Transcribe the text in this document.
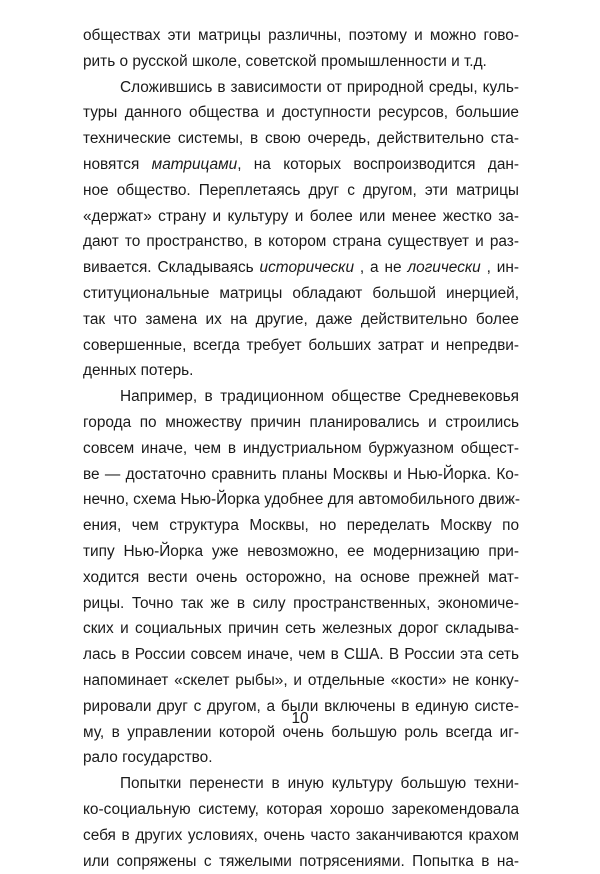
обществах эти матрицы различны, поэтому и можно гово-
рить о русской школе, советской промышленности и т.д.
Сложившись в зависимости от природной среды, куль-
туры данного общества и доступности ресурсов, большие
технические системы, в свою очередь, действительно ста-
новятся матрицами, на которых воспроизводится дан-
ное общество. Переплетаясь друг с другом, эти матрицы
«держат» страну и культуру и более или менее жестко за-
дают то пространство, в котором страна существует и раз-
вивается. Складываясь исторически , а не логически , ин-
ституциональные матрицы обладают большой инерцией,
так что замена их на другие, даже действительно более
совершенные, всегда требует больших затрат и непредви-
денных потерь.
Например, в традиционном обществе Средневековья
города по множеству причин планировались и строились
совсем иначе, чем в индустриальном буржуазном общест-
ве — достаточно сравнить планы Москвы и Нью-Йорка. Ко-
нечно, схема Нью-Йорка удобнее для автомобильного движ-
ения, чем структура Москвы, но переделать Москву по
типу Нью-Йорка уже невозможно, ее модернизацию при-
ходится вести очень осторожно, на основе прежней мат-
рицы. Точно так же в силу пространственных, экономиче-
ских и социальных причин сеть железных дорог складыва-
лась в России совсем иначе, чем в США. В России эта сеть
напоминает «скелет рыбы», и отдельные «кости» не конку-
рировали друг с другом, а были включены в единую систе-
му, в управлении которой очень большую роль всегда иг-
рало государство.
Попытки перенести в иную культуру большую техни-
ко-социальную систему, которая хорошо зарекомендовала
себя в других условиях, очень часто заканчиваются крахом
или сопряжены с тяжелыми потрясениями. Попытка в на-
10
